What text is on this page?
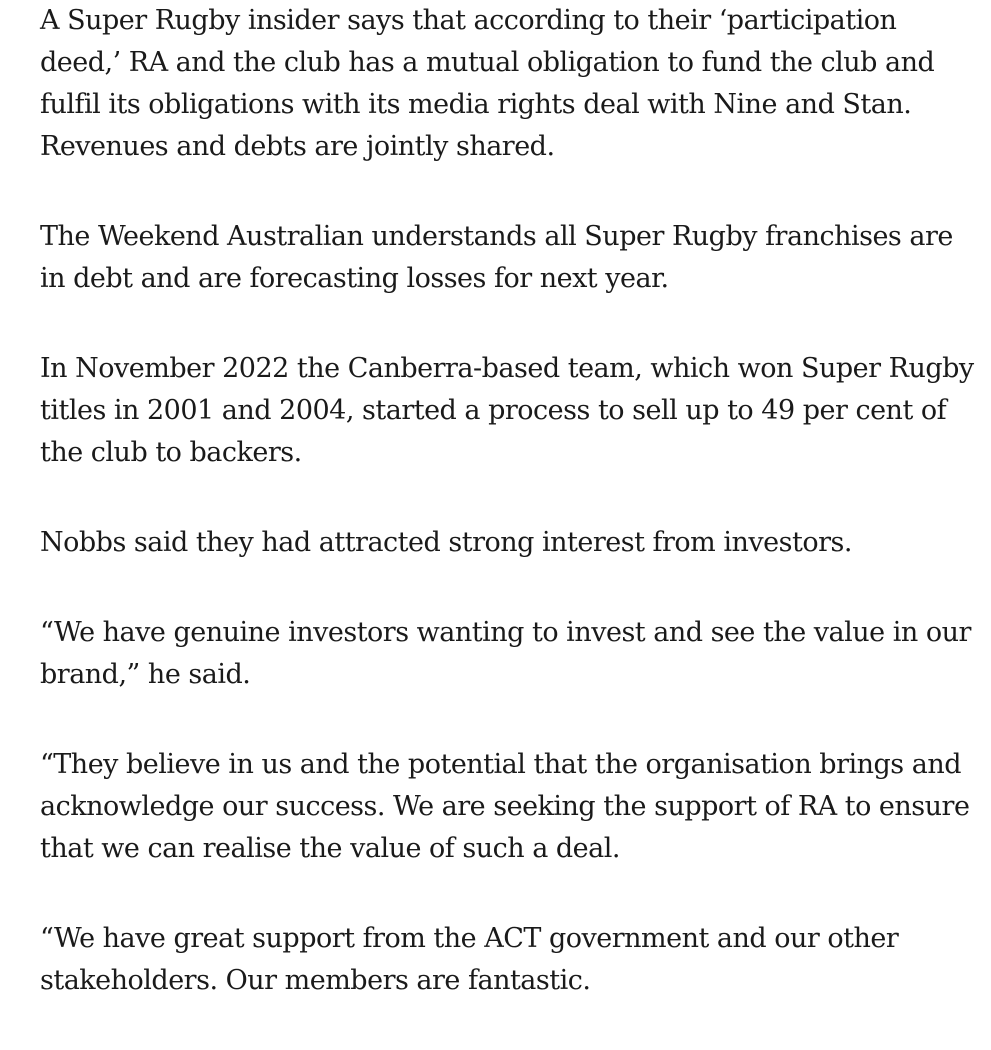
A Super Rugby insider says that according to their ‘participation deed,’ RA and the club has a mutual obligation to fund the club and fulfil its obligations with its media rights deal with Nine and Stan. Revenues and debts are jointly shared.

The Weekend Australian understands all Super Rugby franchises are in debt and are forecasting losses for next year.

In November 2022 the Canberra-based team, which won Super Rugby titles in 2001 and 2004, started a process to sell up to 49 per cent of the club to backers.

Nobbs said they had attracted strong interest from investors.

“We have genuine investors wanting to invest and see the value in our brand,” he said.

“They believe in us and the potential that the organisation brings and acknowledge our success. We are seeking the support of RA to ensure that we can realise the value of such a deal.

“We have great support from the ACT government and our other stakeholders. Our members are fantastic.
